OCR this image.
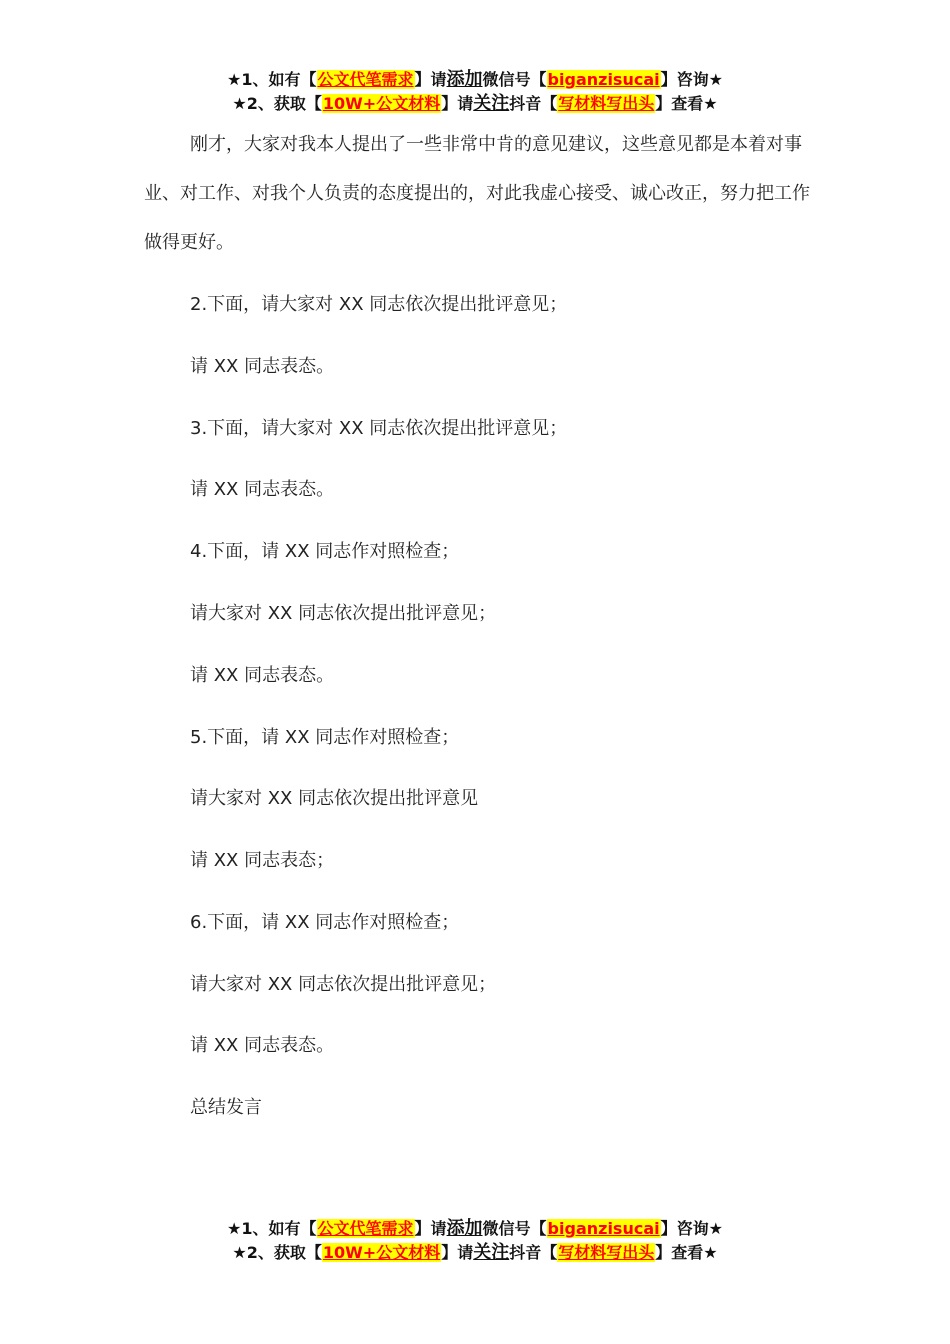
★1、如有【公文代笔需求】请添加微信号【biganzisucai】咨询★
★2、获取【10W+公文材料】请关注抖音【写材料写出头】查看★

刚才，大家对我本人提出了一些非常中肯的意见建议，这些意见都是本着对事业、对工作、对我个人负责的态度提出的，对此我虚心接受、诚心改正，努力把工作做得更好。

2.下面，请大家对 XX 同志依次提出批评意见；

请 XX 同志表态。

3.下面，请大家对 XX 同志依次提出批评意见；

请 XX 同志表态。

4.下面，请 XX 同志作对照检查；

请大家对 XX 同志依次提出批评意见；

请 XX 同志表态。

5.下面，请 XX 同志作对照检查；

请大家对 XX 同志依次提出批评意见

请 XX 同志表态；

6.下面，请 XX 同志作对照检查；

请大家对 XX 同志依次提出批评意见；

请 XX 同志表态。

总结发言

★1、如有【公文代笔需求】请添加微信号【biganzisucai】咨询★
★2、获取【10W+公文材料】请关注抖音【写材料写出头】查看★
